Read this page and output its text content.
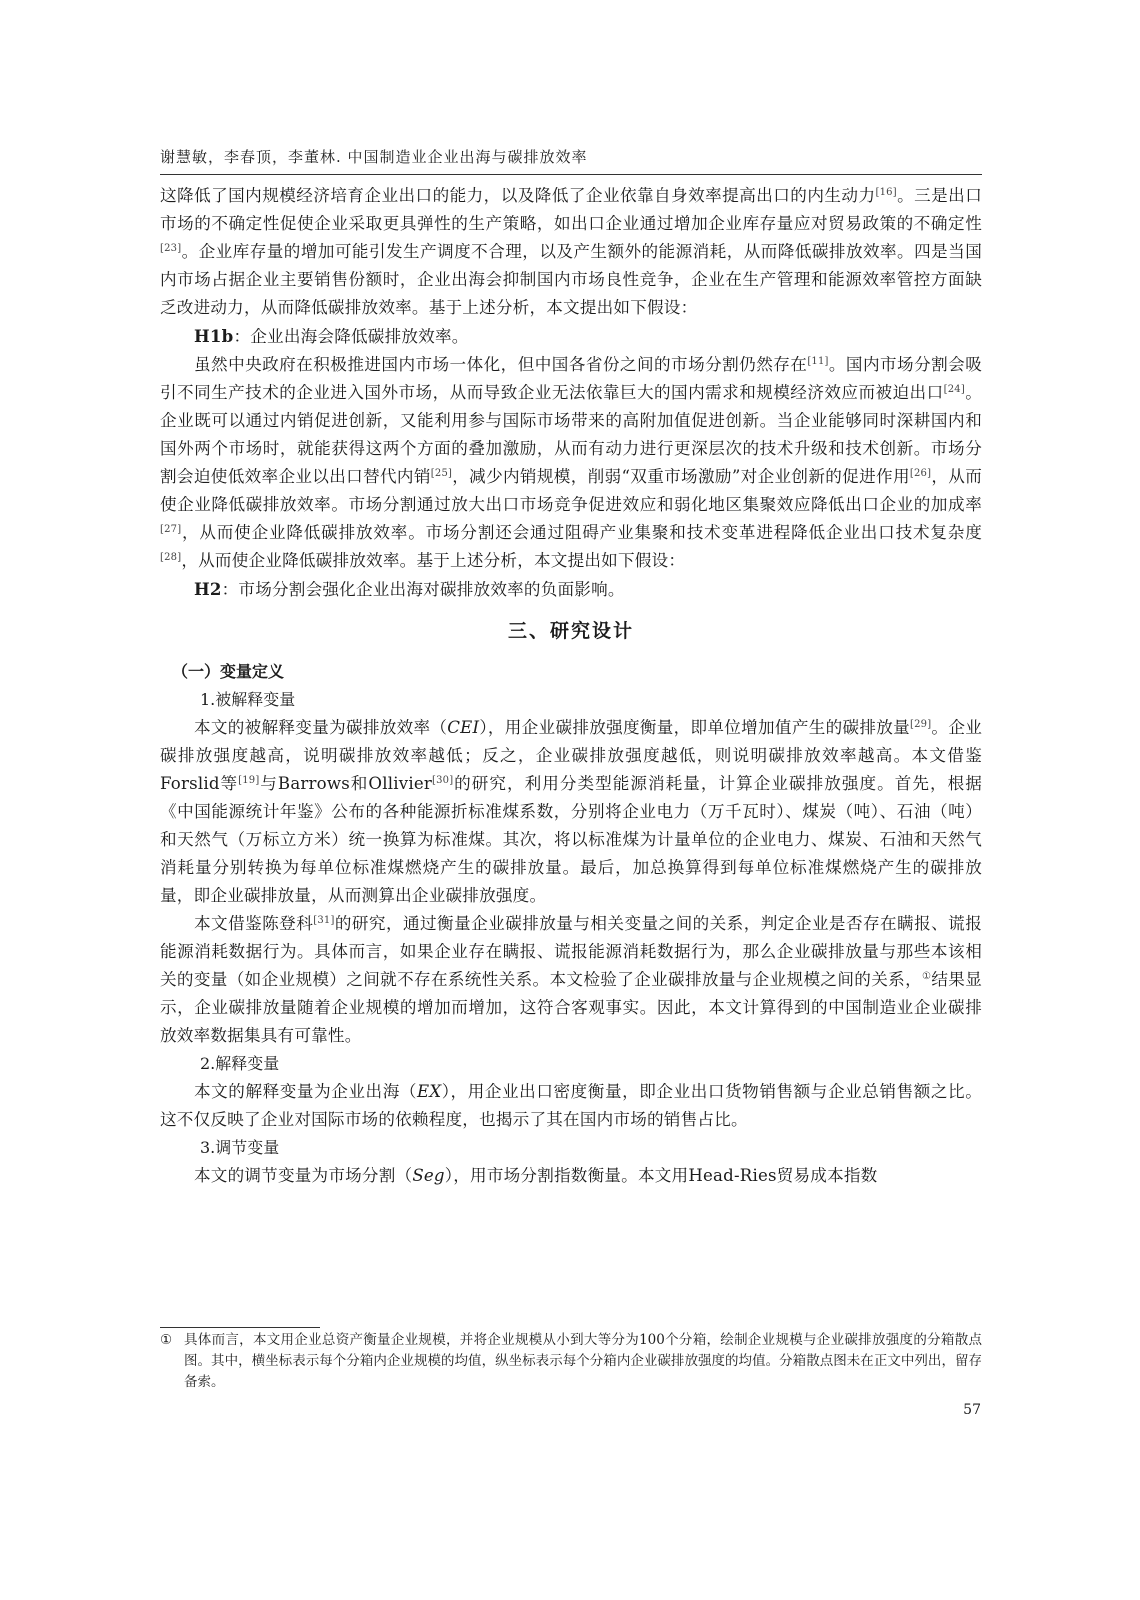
谢慧敏，李春顶，李董林. 中国制造业企业出海与碳排放效率

这降低了国内规模经济培育企业出口的能力，以及降低了企业依靠自身效率提高出口的内生动力[16]。三是出口市场的不确定性促使企业采取更具弹性的生产策略，如出口企业通过增加企业库存量应对贸易政策的不确定性[23]。企业库存量的增加可能引发生产调度不合理，以及产生额外的能源消耗，从而降低碳排放效率。四是当国内市场占据企业主要销售份额时，企业出海会抑制国内市场良性竞争，企业在生产管理和能源效率管控方面缺乏改进动力，从而降低碳排放效率。基于上述分析，本文提出如下假设：

H1b：企业出海会降低碳排放效率。

虽然中央政府在积极推进国内市场一体化，但中国各省份之间的市场分割仍然存在[11]。国内市场分割会吸引不同生产技术的企业进入国外市场，从而导致企业无法依靠巨大的国内需求和规模经济效应而被迫出口[24]。企业既可以通过内销促进创新，又能利用参与国际市场带来的高附加值促进创新。当企业能够同时深耕国内和国外两个市场时，就能获得这两个方面的叠加激励，从而有动力进行更深层次的技术升级和技术创新。市场分割会迫使低效率企业以出口替代内销[25]，减少内销规模，削弱“双重市场激励”对企业创新的促进作用[26]，从而使企业降低碳排放效率。市场分割通过放大出口市场竞争促进效应和弱化地区集聚效应降低出口企业的加成率[27]，从而使企业降低碳排放效率。市场分割还会通过阻碍产业集聚和技术变革进程降低企业出口技术复杂度[28]，从而使企业降低碳排放效率。基于上述分析，本文提出如下假设：

H2：市场分割会强化企业出海对碳排放效率的负面影响。

三、研究设计
（一）变量定义

1.被解释变量

本文的被解释变量为碳排放效率（CEI），用企业碳排放强度衡量，即单位增加值产生的碳排放量[29]。企业碳排放强度越高，说明碳排放效率越低；反之，企业碳排放强度越低，则说明碳排放效率越高。本文借鉴Forslid等[19]与Barrows和Ollivier[30]的研究，利用分类型能源消耗量，计算企业碳排放强度。首先，根据《中国能源统计年鉴》公布的各种能源折标准煤系数，分别将企业电力（万千瓦时）、煤炭（吨）、石油（吨）和天然气（万标立方米）统一换算为标准煤。其次，将以标准煤为计量单位的企业电力、煤炭、石油和天然气消耗量分别转换为每单位标准煤燃烧产生的碳排放量。最后，加总换算得到每单位标准煤燃烧产生的碳排放量，即企业碳排放量，从而测算出企业碳排放强度。

本文借鉴陈登科[31]的研究，通过衡量企业碳排放量与相关变量之间的关系，判定企业是否存在瞒报、谎报能源消耗数据行为。具体而言，如果企业存在瞒报、谎报能源消耗数据行为，那么企业碳排放量与那些本该相关的变量（如企业规模）之间就不存在系统性关系。本文检验了企业碳排放量与企业规模之间的关系，①结果显示，企业碳排放量随着企业规模的增加而增加，这符合客观事实。因此，本文计算得到的中国制造业企业碳排放效率数据集具有可靠性。

2.解释变量

本文的解释变量为企业出海（EX），用企业出口密度衡量，即企业出口货物销售额与企业总销售额之比。这不仅反映了企业对国际市场的依赖程度，也揭示了其在国内市场的销售占比。

3.调节变量

本文的调节变量为市场分割（Seg），用市场分割指数衡量。本文用Head-Ries贸易成本指数

① 具体而言，本文用企业总资产衡量企业规模，并将企业规模从小到大等分为100个分箱，绘制企业规模与企业碳排放强度的分箱散点图。其中，横坐标表示每个分箱内企业规模的均值，纵坐标表示每个分箱内企业碳排放强度的均值。分箱散点图未在正文中列出，留存备索。
57
